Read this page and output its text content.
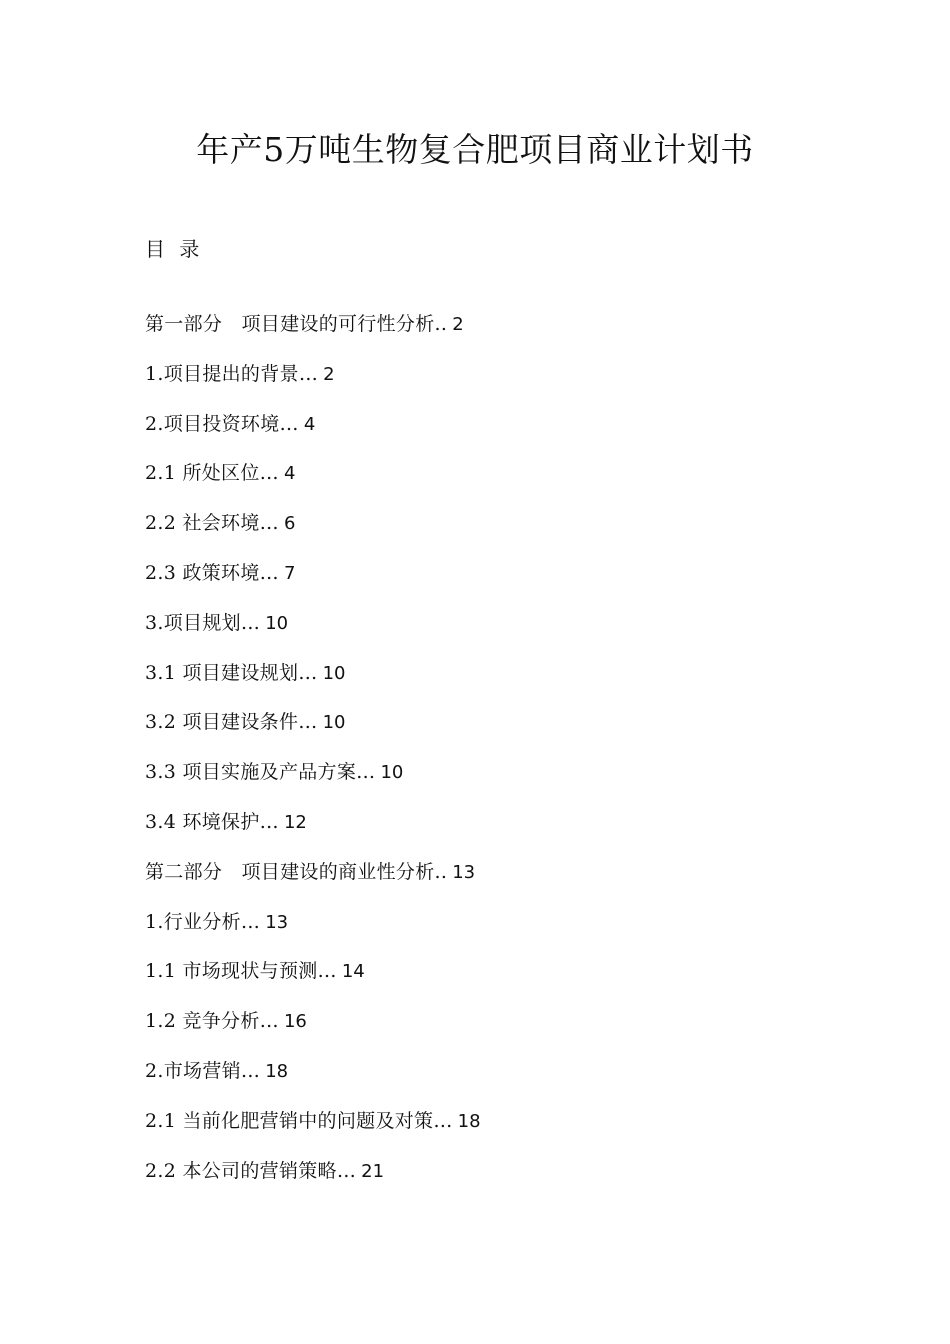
年产5万吨生物复合肥项目商业计划书
目 录
第一部分　项目建设的可行性分析.. 2
1.项目提出的背景… 2
2.项目投资环境… 4
2.1 所处区位… 4
2.2 社会环境… 6
2.3 政策环境… 7
3.项目规划… 10
3.1 项目建设规划… 10
3.2 项目建设条件… 10
3.3 项目实施及产品方案… 10
3.4 环境保护… 12
第二部分　项目建设的商业性分析.. 13
1.行业分析… 13
1.1 市场现状与预测… 14
1.2 竞争分析… 16
2.市场营销… 18
2.1 当前化肥营销中的问题及对策… 18
2.2 本公司的营销策略… 21
